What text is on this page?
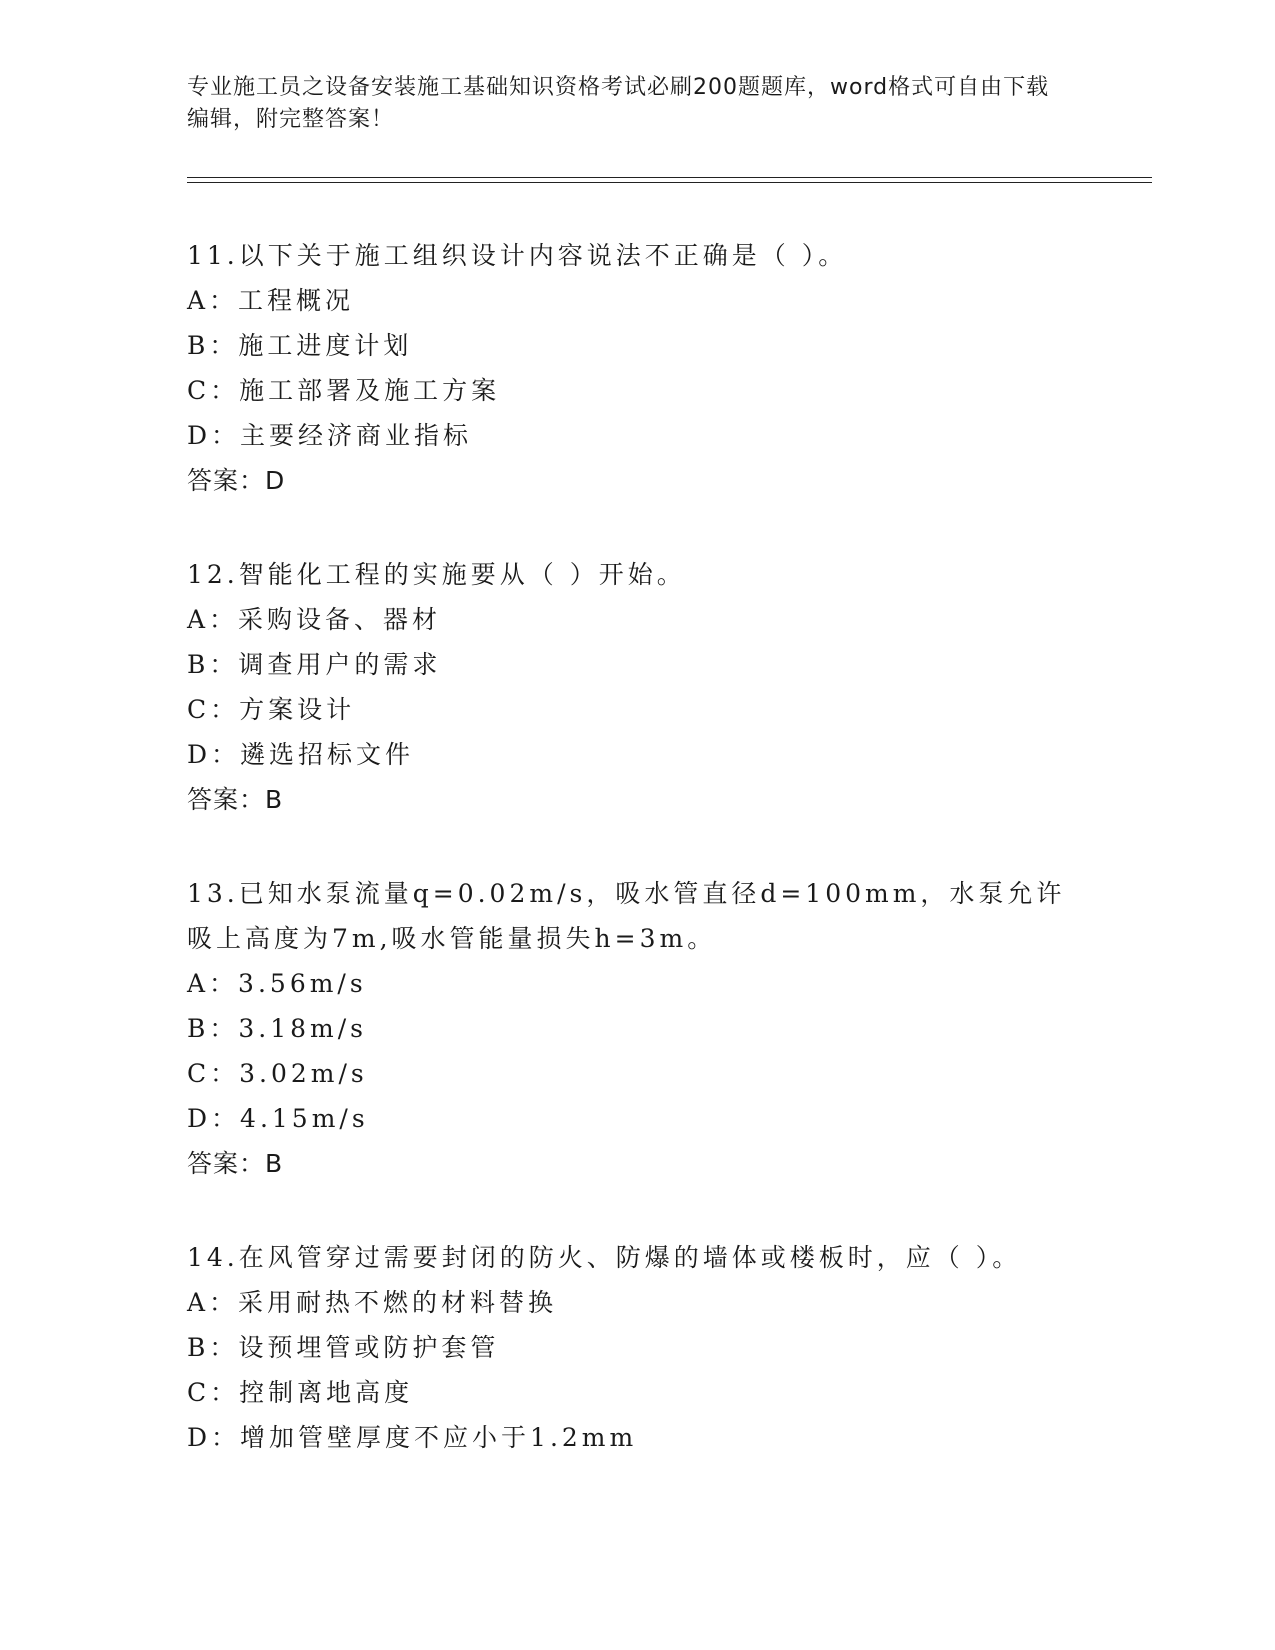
专业施工员之设备安装施工基础知识资格考试必刷200题题库，word格式可自由下载编辑，附完整答案！
11.以下关于施工组织设计内容说法不正确是（ ）。
A：工程概况
B：施工进度计划
C：施工部署及施工方案
D：主要经济商业指标
答案：D
12.智能化工程的实施要从（ ）开始。
A：采购设备、器材
B：调查用户的需求
C：方案设计
D：遴选招标文件
答案：B
13.已知水泵流量q=0.02m/s，吸水管直径d=100mm，水泵允许吸上高度为7m,吸水管能量损失h=3m。
A：3.56m/s
B：3.18m/s
C：3.02m/s
D：4.15m/s
答案：B
14.在风管穿过需要封闭的防火、防爆的墙体或楼板时，应（ ）。
A：采用耐热不燃的材料替换
B：设预埋管或防护套管
C：控制离地高度
D：增加管壁厚度不应小于1.2mm
